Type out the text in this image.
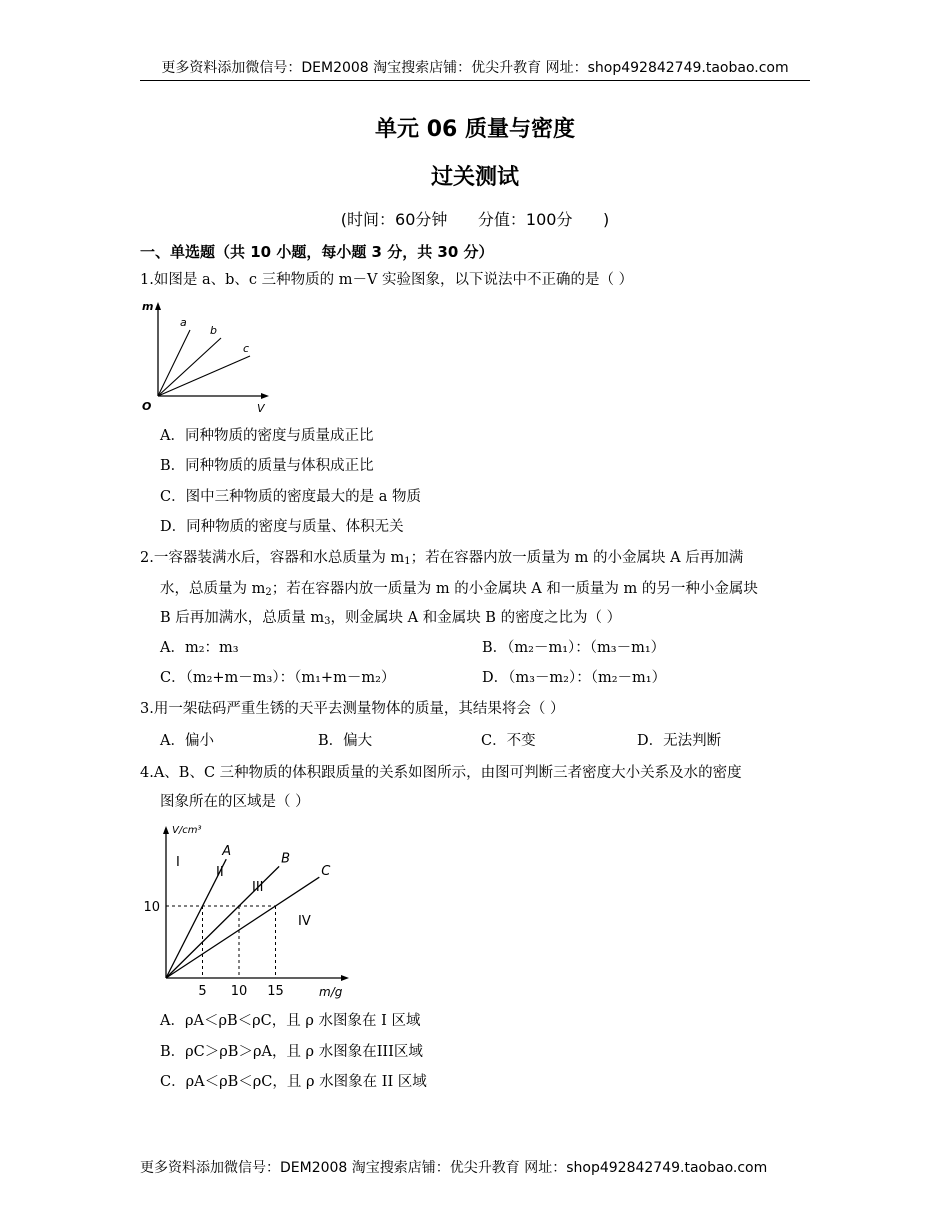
更多资料添加微信号：DEM2008 淘宝搜索店铺：优尖升教育 网址：shop492842749.taobao.com
单元 06 质量与密度
过关测试
(时间：60分钟      分值：100分      )
一、单选题（共 10 小题，每小题 3 分，共 30 分）
1.如图是 a、b、c 三种物质的 m－V 实验图象，以下说法中不正确的是（ ）
m
V
O
a
b
c
A．同种物质的密度与质量成正比
B．同种物质的质量与体积成正比
C．图中三种物质的密度最大的是 a 物质
D．同种物质的密度与质量、体积无关
2.一容器装满水后，容器和水总质量为 $m_1$；若在容器内放一质量为 m 的小金属块 A 后再加满
水，总质量为 $m_2$；若在容器内放一质量为 m 的小金属块 A 和一质量为 m 的另一种小金属块
B 后再加满水，总质量 $m_3$，则金属块 A 和金属块 B 的密度之比为（ ）
A．m₂：m₃	B．（m₂－m₁）：（m₃－m₁）
C．（m₂+m－m₃）：（m₁+m－m₂）	D．（m₃－m₂）：（m₂－m₁）
3.用一架砝码严重生锈的天平去测量物体的质量，其结果将会（ ）
A．偏小	B．偏大	C．不变	D．无法判断
4.A、B、C 三种物质的体积跟质量的关系如图所示，由图可判断三者密度大小关系及水的密度
图象所在的区域是（ ）
A	B
C
V/cm³
m/g
5 10 15
10
I
II
III
IV
A．ρA＜ρB＜ρC，且 ρ 水图象在 I 区域
B．ρC＞ρB＞ρA，且 ρ 水图象在III区域
C．ρA＜ρB＜ρC，且 ρ 水图象在 II 区域
更多资料添加微信号：DEM2008 淘宝搜索店铺：优尖升教育 网址：shop492842749.taobao.com
